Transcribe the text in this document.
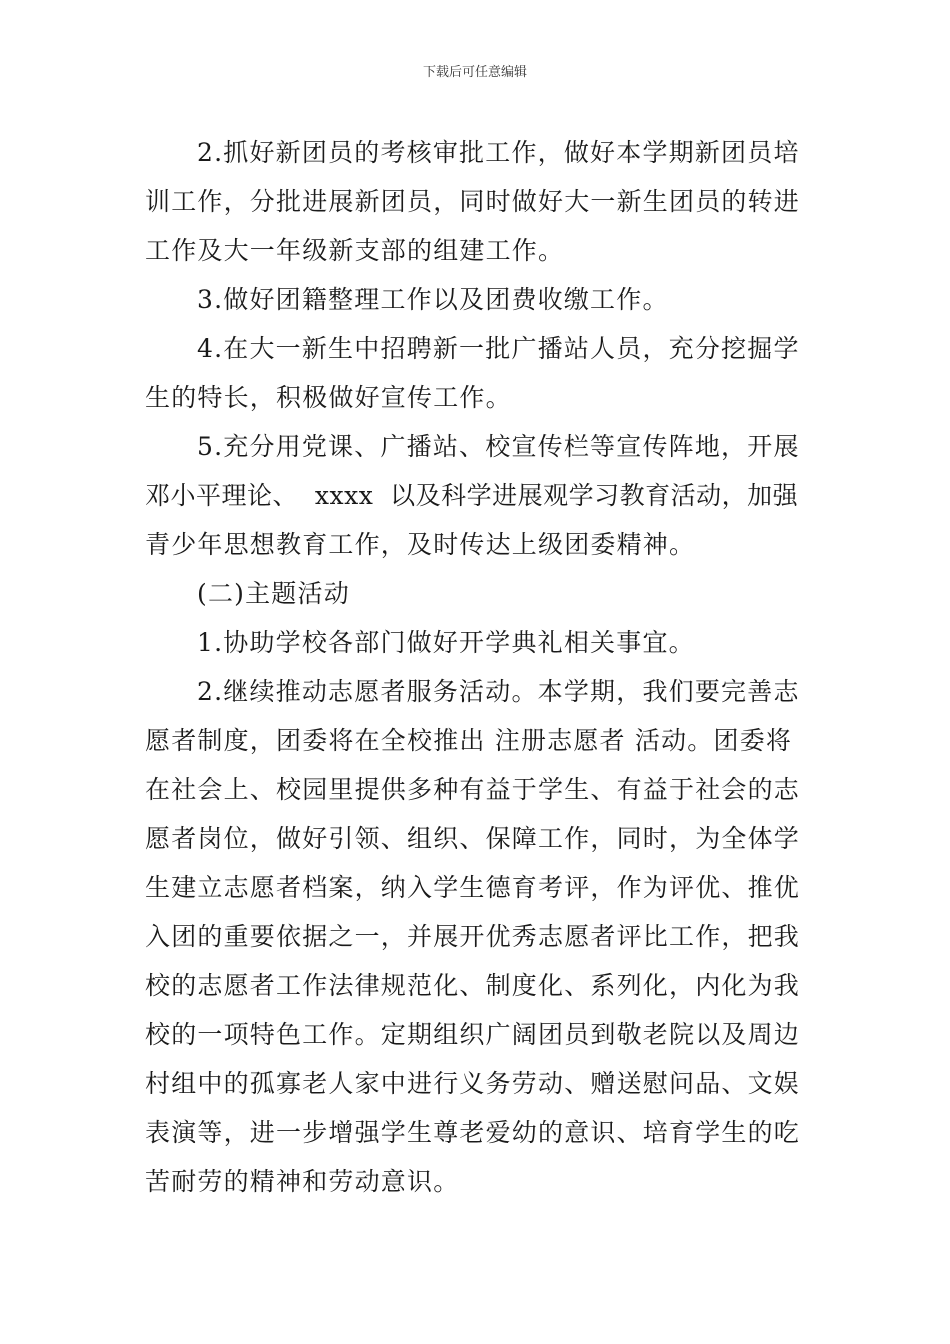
下载后可任意编辑
2.抓好新团员的考核审批工作，做好本学期新团员培
训工作，分批进展新团员，同时做好大一新生团员的转进
工作及大一年级新支部的组建工作。
3.做好团籍整理工作以及团费收缴工作。
4.在大一新生中招聘新一批广播站人员，充分挖掘学
生的特长，积极做好宣传工作。
5.充分用党课、广播站、校宣传栏等宣传阵地，开展
邓小平理论、  xxxx  以及科学进展观学习教育活动，加强
青少年思想教育工作，及时传达上级团委精神。
(二)主题活动
1.协助学校各部门做好开学典礼相关事宜。
2.继续推动志愿者服务活动。本学期，我们要完善志
愿者制度，团委将在全校推出 注册志愿者 活动。团委将
在社会上、校园里提供多种有益于学生、有益于社会的志
愿者岗位，做好引领、组织、保障工作，同时，为全体学
生建立志愿者档案，纳入学生德育考评，作为评优、推优
入团的重要依据之一，并展开优秀志愿者评比工作，把我
校的志愿者工作法律规范化、制度化、系列化，内化为我
校的一项特色工作。定期组织广阔团员到敬老院以及周边
村组中的孤寡老人家中进行义务劳动、赠送慰问品、文娱
表演等，进一步增强学生尊老爱幼的意识、培育学生的吃
苦耐劳的精神和劳动意识。
